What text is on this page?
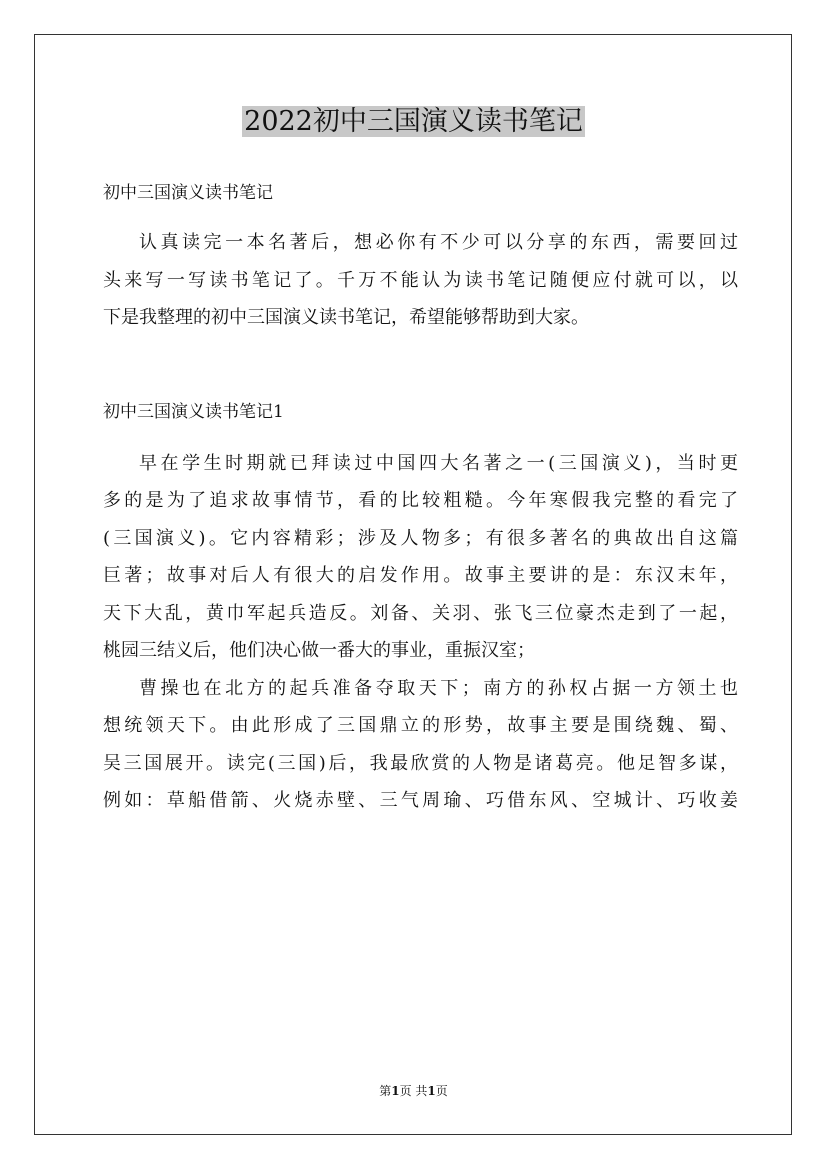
2022初中三国演义读书笔记

初中三国演义读书笔记

认真读完一本名著后，想必你有不少可以分享的东西，需要回过
头来写一写读书笔记了。千万不能认为读书笔记随便应付就可以，以
下是我整理的初中三国演义读书笔记，希望能够帮助到大家。

初中三国演义读书笔记1

早在学生时期就已拜读过中国四大名著之一(三国演义)，当时更
多的是为了追求故事情节，看的比较粗糙。今年寒假我完整的看完了
(三国演义)。它内容精彩；涉及人物多；有很多著名的典故出自这篇
巨著；故事对后人有很大的启发作用。故事主要讲的是：东汉末年，
天下大乱，黄巾军起兵造反。刘备、关羽、张飞三位豪杰走到了一起，
桃园三结义后，他们决心做一番大的事业，重振汉室；

曹操也在北方的起兵准备夺取天下；南方的孙权占据一方领土也
想统领天下。由此形成了三国鼎立的形势，故事主要是围绕魏、蜀、
吴三国展开。读完(三国)后，我最欣赏的人物是诸葛亮。他足智多谋，
例如：草船借箭、火烧赤壁、三气周瑜、巧借东风、空城计、巧收姜

第1页 共1页
